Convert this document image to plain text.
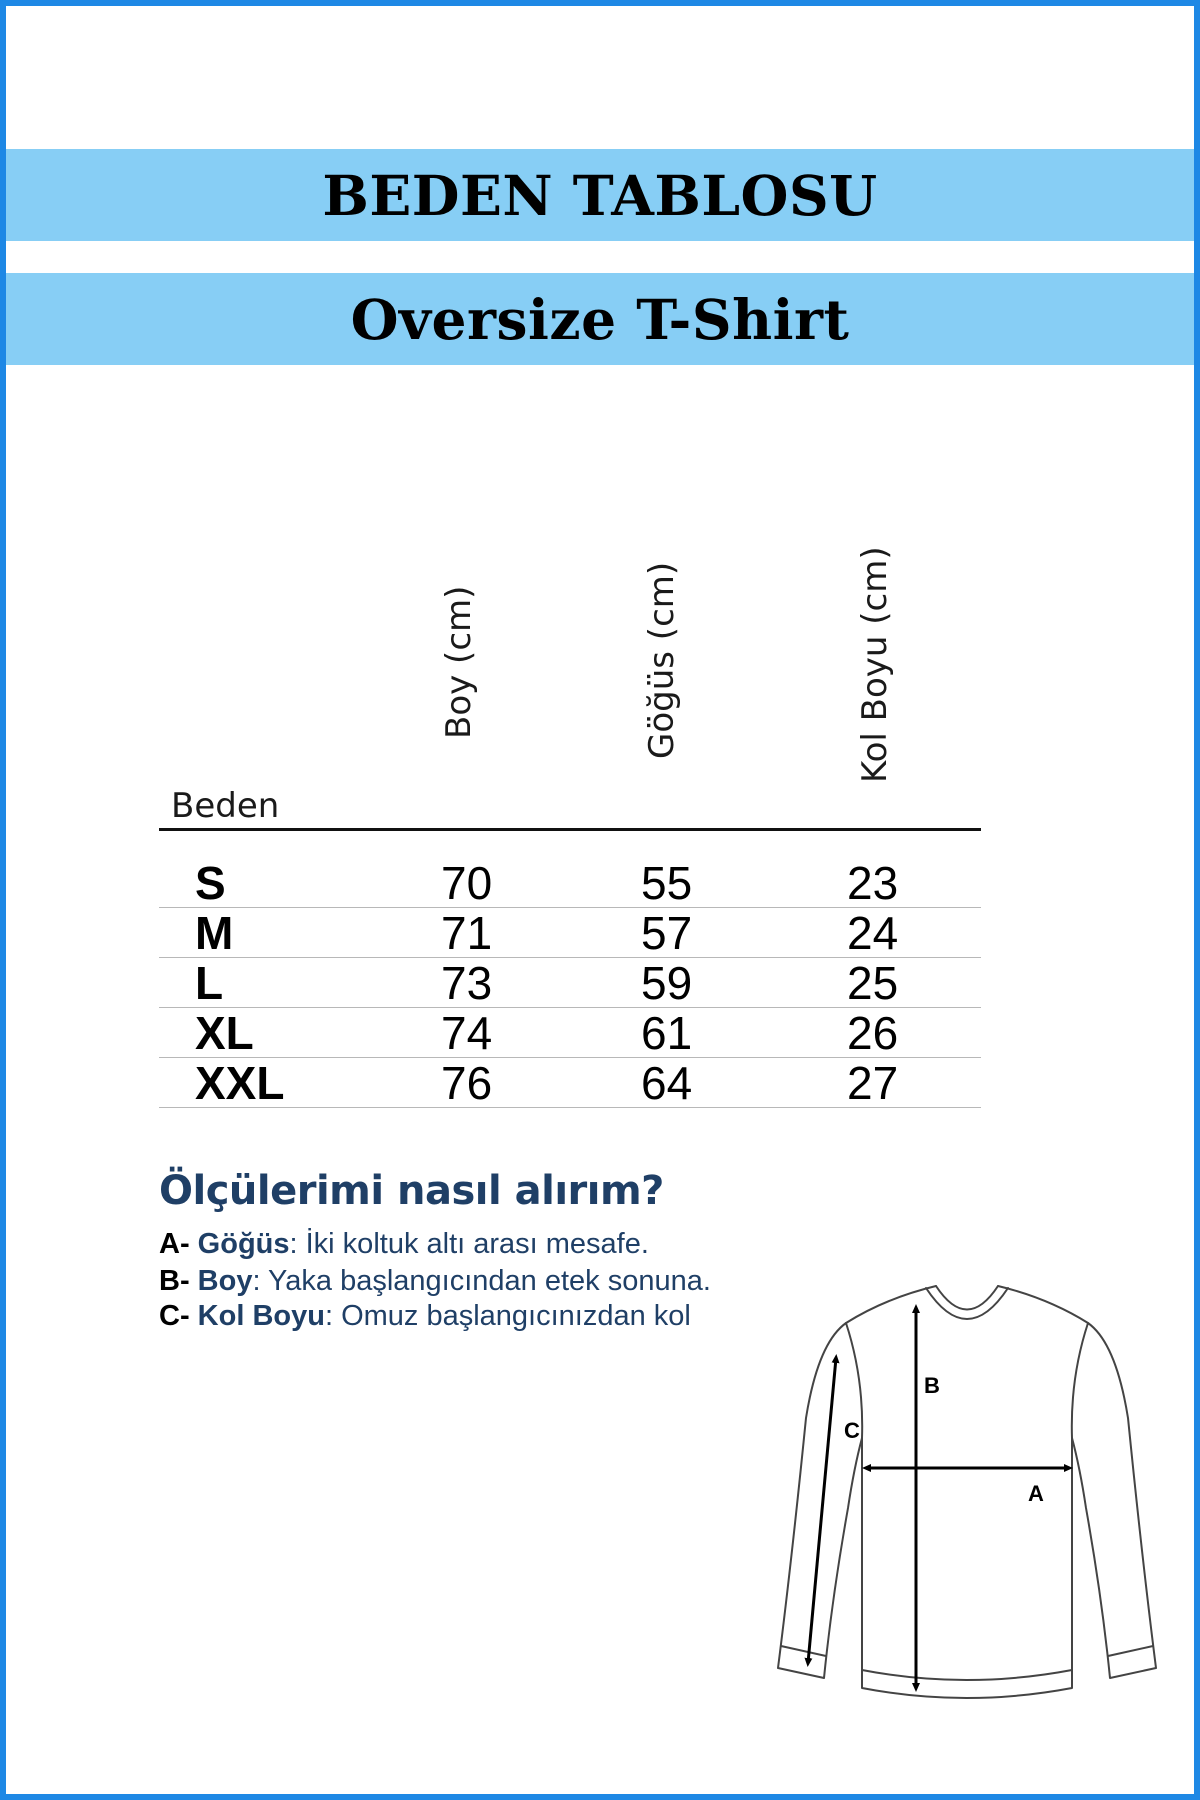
BEDEN TABLOSU
Oversize T-Shirt
Boy (cm)	Göğüs (cm)	Kol Boyu (cm)
Beden
S	70	55	23
M	71	57	24
L	73	59	25
XL	74	61	26
XXL	76	64	27
Ölçülerimi nasıl alırım?
A- Göğüs: İki koltuk altı arası mesafe.
B- Boy: Yaka başlangıcından etek sonuna.
C- Kol Boyu: Omuz başlangıcınızdan kol
B
A
C
